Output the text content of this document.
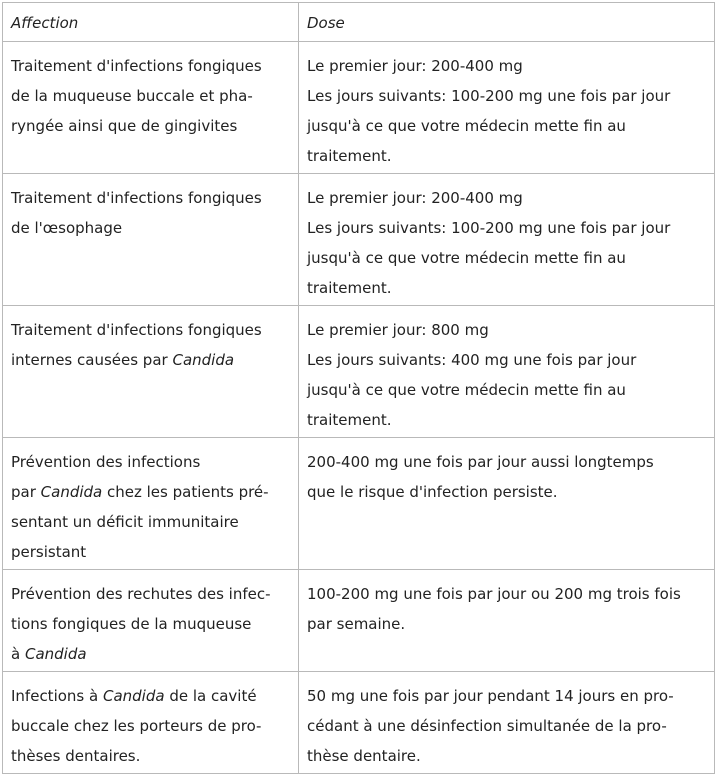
Affection	Dose

Traitement d'infections fongiques
de la muqueuse buccale et pha-
ryngée ainsi que de gingivites	Le premier jour: 200-400 mg
Les jours suivants: 100-200 mg une fois par jour
jusqu'à ce que votre médecin mette fin au
traitement.

Traitement d'infections fongiques
de l'œsophage	Le premier jour: 200-400 mg
Les jours suivants: 100-200 mg une fois par jour
jusqu'à ce que votre médecin mette fin au
traitement.

Traitement d'infections fongiques
internes causées par Candida	Le premier jour: 800 mg
Les jours suivants: 400 mg une fois par jour
jusqu'à ce que votre médecin mette fin au
traitement.

Prévention des infections
par Candida chez les patients pré-
sentant un déficit immunitaire
persistant	200-400 mg une fois par jour aussi longtemps
que le risque d'infection persiste.

Prévention des rechutes des infec-
tions fongiques de la muqueuse
à Candida	100-200 mg une fois par jour ou 200 mg trois fois
par semaine.

Infections à Candida de la cavité
buccale chez les porteurs de pro-
thèses dentaires.	50 mg une fois par jour pendant 14 jours en pro-
cédant à une désinfection simultanée de la pro-
thèse dentaire.
